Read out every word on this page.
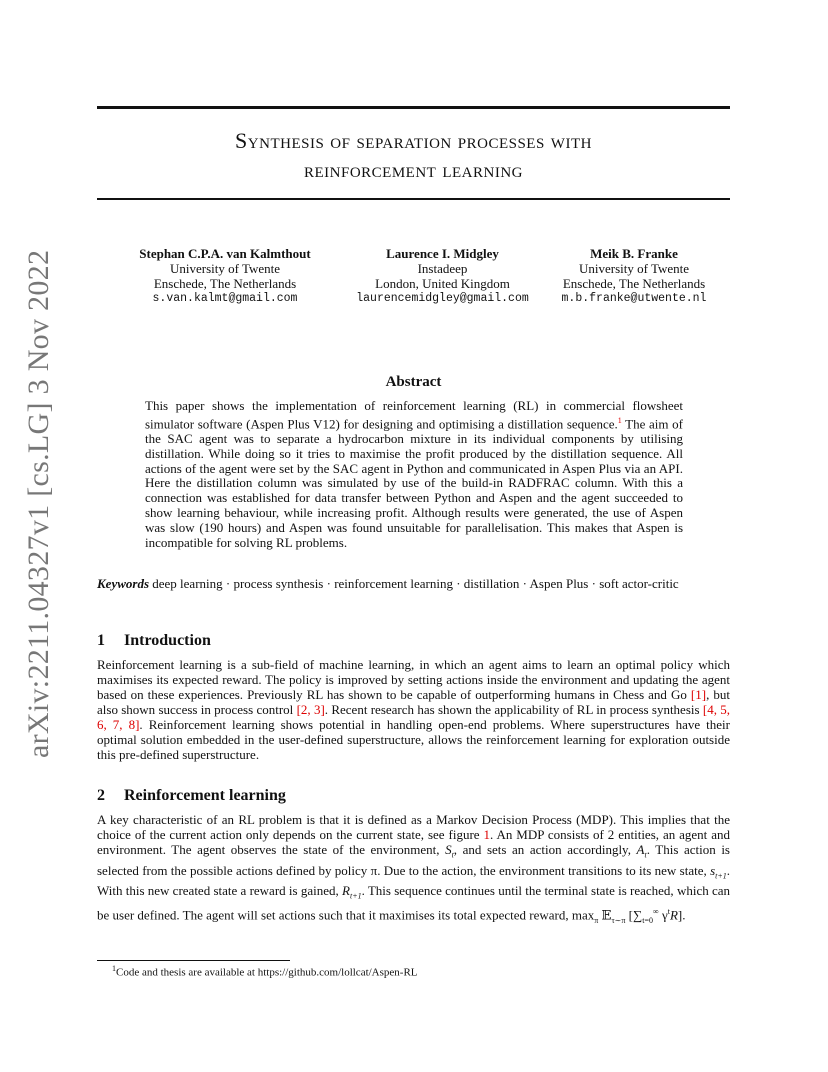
arXiv:2211.04327v1 [cs.LG] 3 Nov 2022
Synthesis of separation processes with
reinforcement learning
Stephan C.P.A. van Kalmthout
University of Twente
Enschede, The Netherlands
s.van.kalmt@gmail.com
Laurence I. Midgley
Instadeep
London, United Kingdom
laurencemidgley@gmail.com
Meik B. Franke
University of Twente
Enschede, The Netherlands
m.b.franke@utwente.nl
Abstract
This paper shows the implementation of reinforcement learning (RL) in commercial flowsheet simulator software (Aspen Plus V12) for designing and optimising a distillation sequence.$^1$ The aim of the SAC agent was to separate a hydrocarbon mixture in its individual components by utilising distillation. While doing so it tries to maximise the profit produced by the distillation sequence. All actions of the agent were set by the SAC agent in Python and communicated in Aspen Plus via an API. Here the distillation column was simulated by use of the build-in RADFRAC column. With this a connection was established for data transfer between Python and Aspen and the agent succeeded to show learning behaviour, while increasing profit. Although results were generated, the use of Aspen was slow (190 hours) and Aspen was found unsuitable for parallelisation. This makes that Aspen is incompatible for solving RL problems.
Keywords deep learning · process synthesis · reinforcement learning · distillation · Aspen Plus · soft actor-critic
1 Introduction
Reinforcement learning is a sub-field of machine learning, in which an agent aims to learn an optimal policy which maximises its expected reward. The policy is improved by setting actions inside the environment and updating the agent based on these experiences. Previously RL has shown to be capable of outperforming humans in Chess and Go [1], but also shown success in process control [2, 3]. Recent research has shown the applicability of RL in process synthesis [4, 5, 6, 7, 8]. Reinforcement learning shows potential in handling open-end problems. Where superstructures have their optimal solution embedded in the user-defined superstructure, allows the reinforcement learning for exploration outside this pre-defined superstructure.
2 Reinforcement learning
A key characteristic of an RL problem is that it is defined as a Markov Decision Process (MDP). This implies that the choice of the current action only depends on the current state, see figure 1. An MDP consists of 2 entities, an agent and environment. The agent observes the state of the environment, $S_t$, and sets an action accordingly, $A_t$. This action is selected from the possible actions defined by policy π. Due to the action, the environment transitions to its new state, $s_{t+1}$. With this new created state a reward is gained, $R_{t+1}$. This sequence continues until the terminal state is reached, which can be user defined. The agent will set actions such that it maximises its total expected reward, $\max_\pi$ 𝔼$_{\tau\sim\pi}$ [$\sum_{t=0}^\infty$ $\gamma^tR$].
$^1$Code and thesis are available at https://github.com/lollcat/Aspen-RL
